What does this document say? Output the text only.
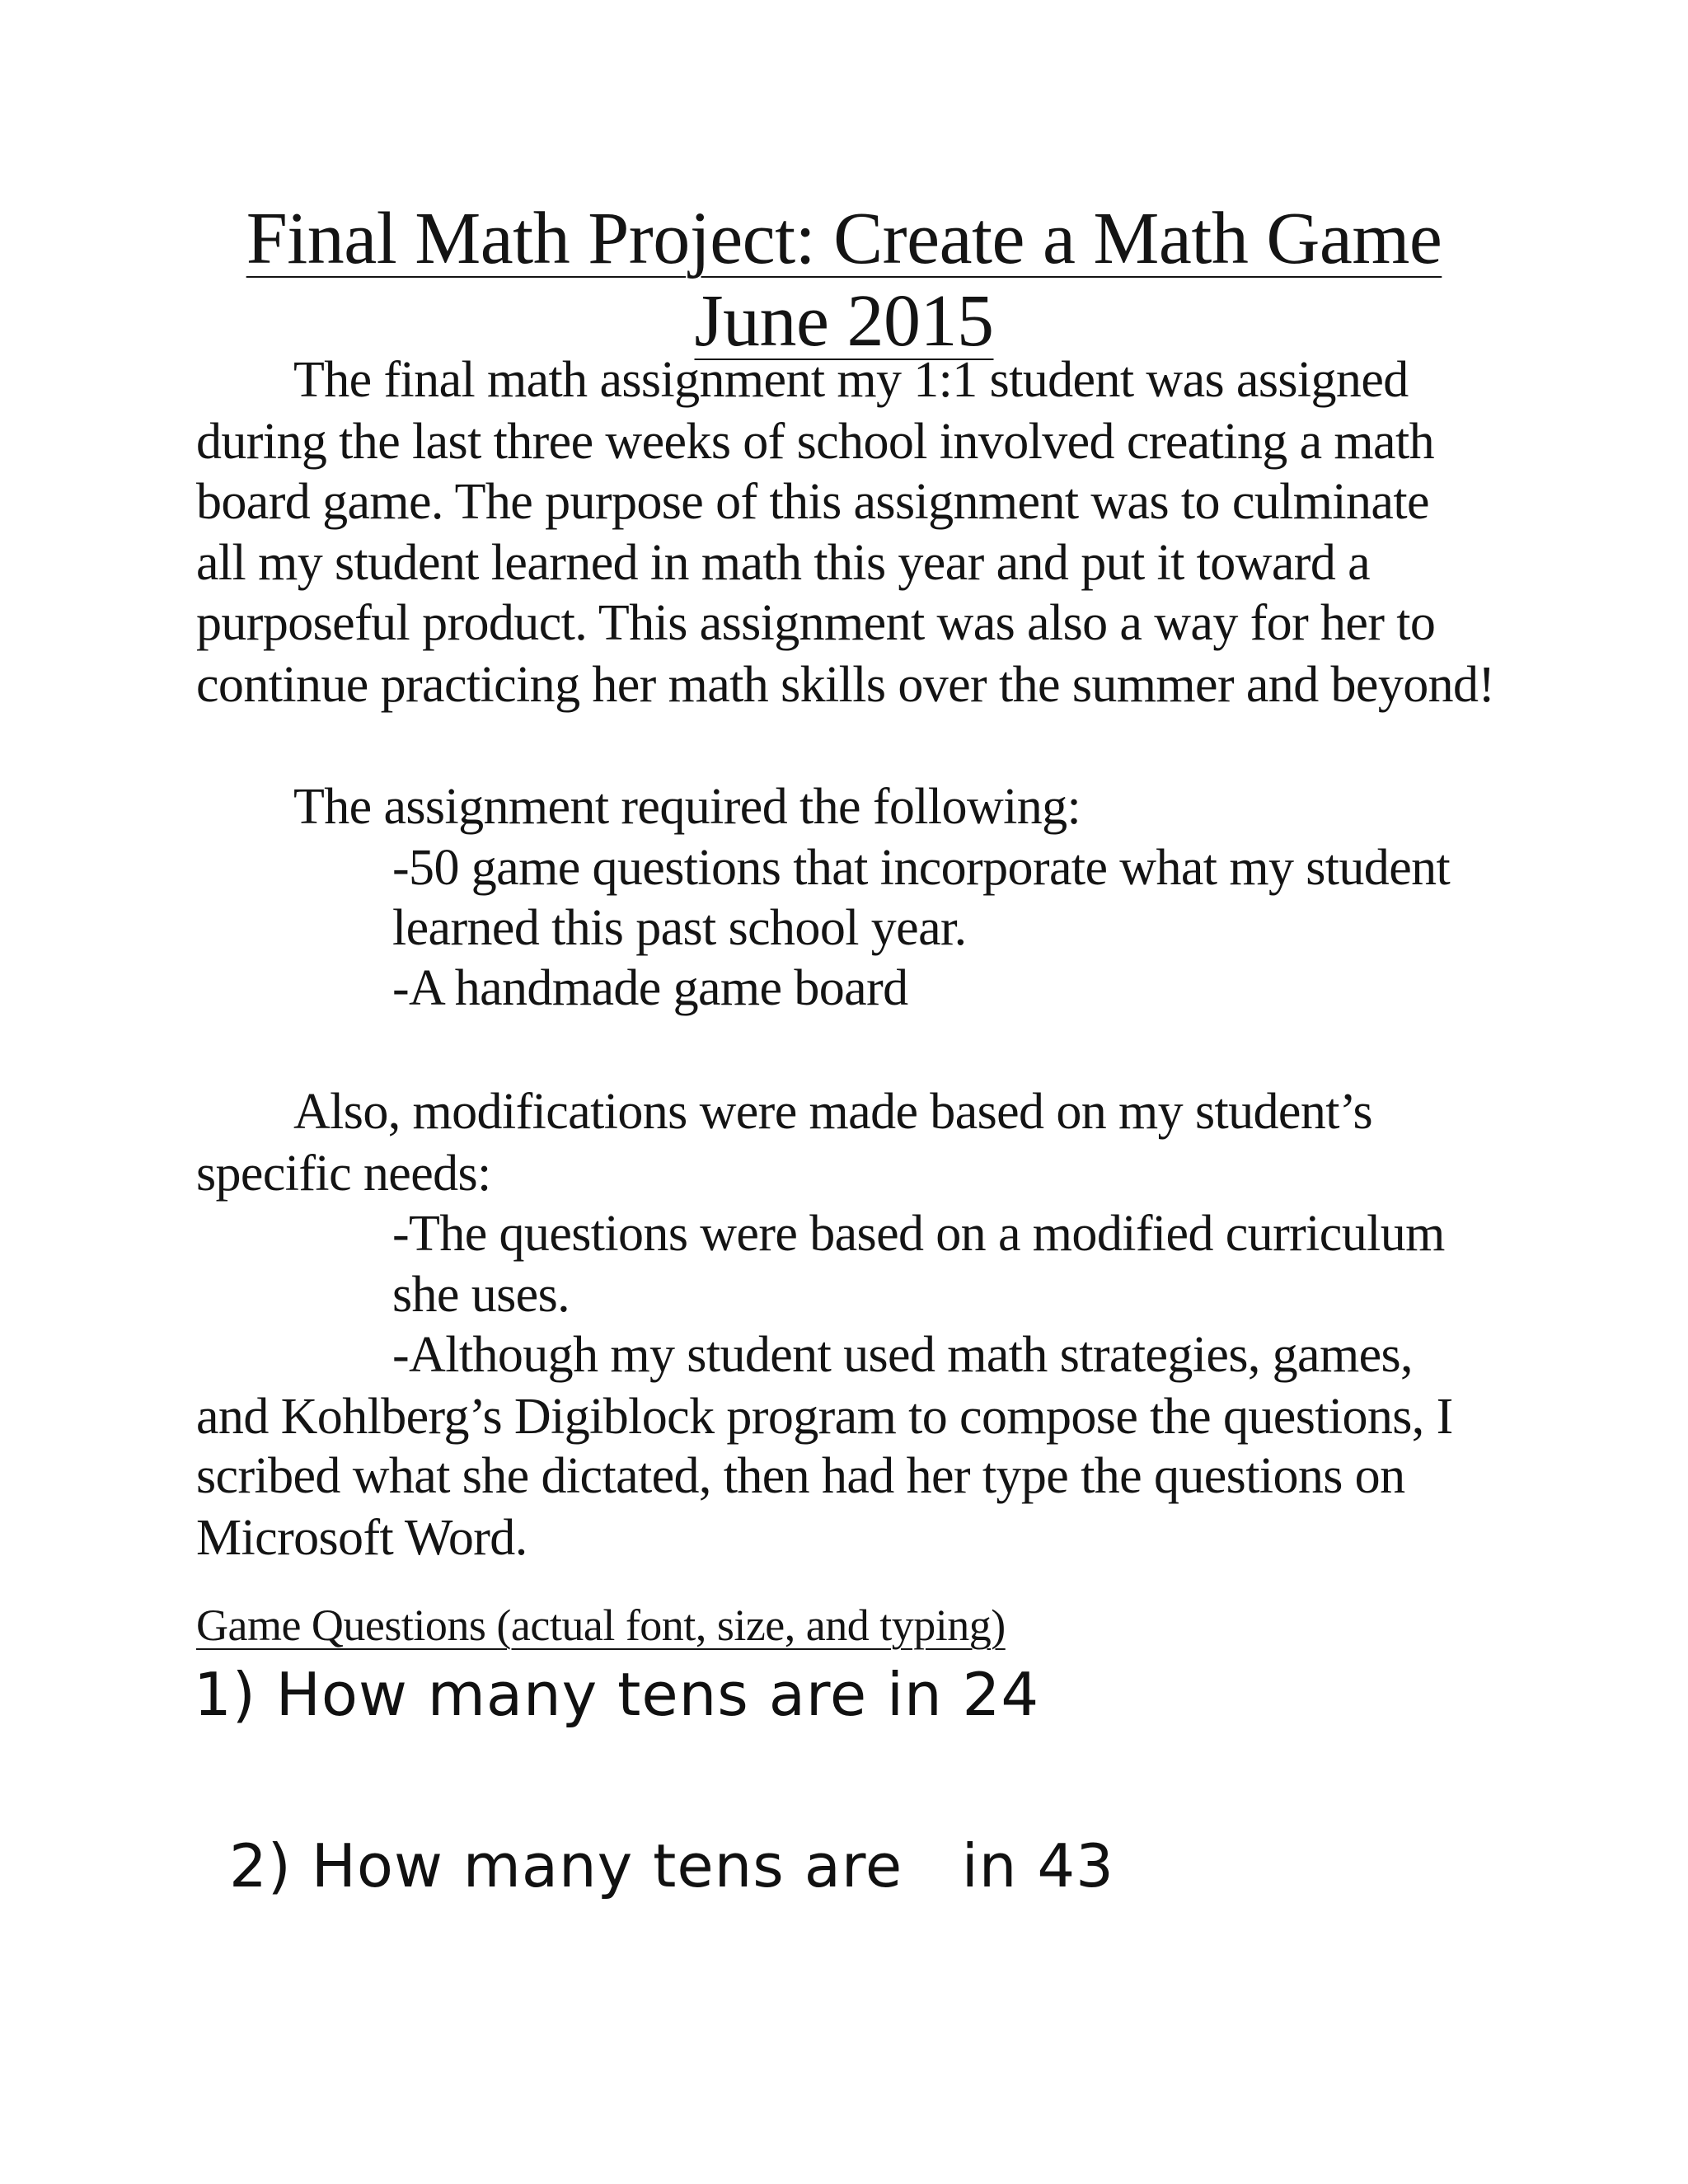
Final Math Project: Create a Math Game
June 2015
The final math assignment my 1:1 student was assigned
during the last three weeks of school involved creating a math
board game. The purpose of this assignment was to culminate
all my student learned in math this year and put it toward a
purposeful product. This assignment was also a way for her to
continue practicing her math skills over the summer and beyond!
The assignment required the following:
-50 game questions that incorporate what my student
learned this past school year.
-A handmade game board
Also, modifications were made based on my student’s
specific needs:
-The questions were based on a modified curriculum
she uses.
-Although my student used math strategies, games,
and Kohlberg’s Digiblock program to compose the questions, I
scribed what she dictated, then had her type the questions on
Microsoft Word.
Game Questions (actual font, size, and typing)
1) How many tens are in 24
2) How many tens are   in 43
